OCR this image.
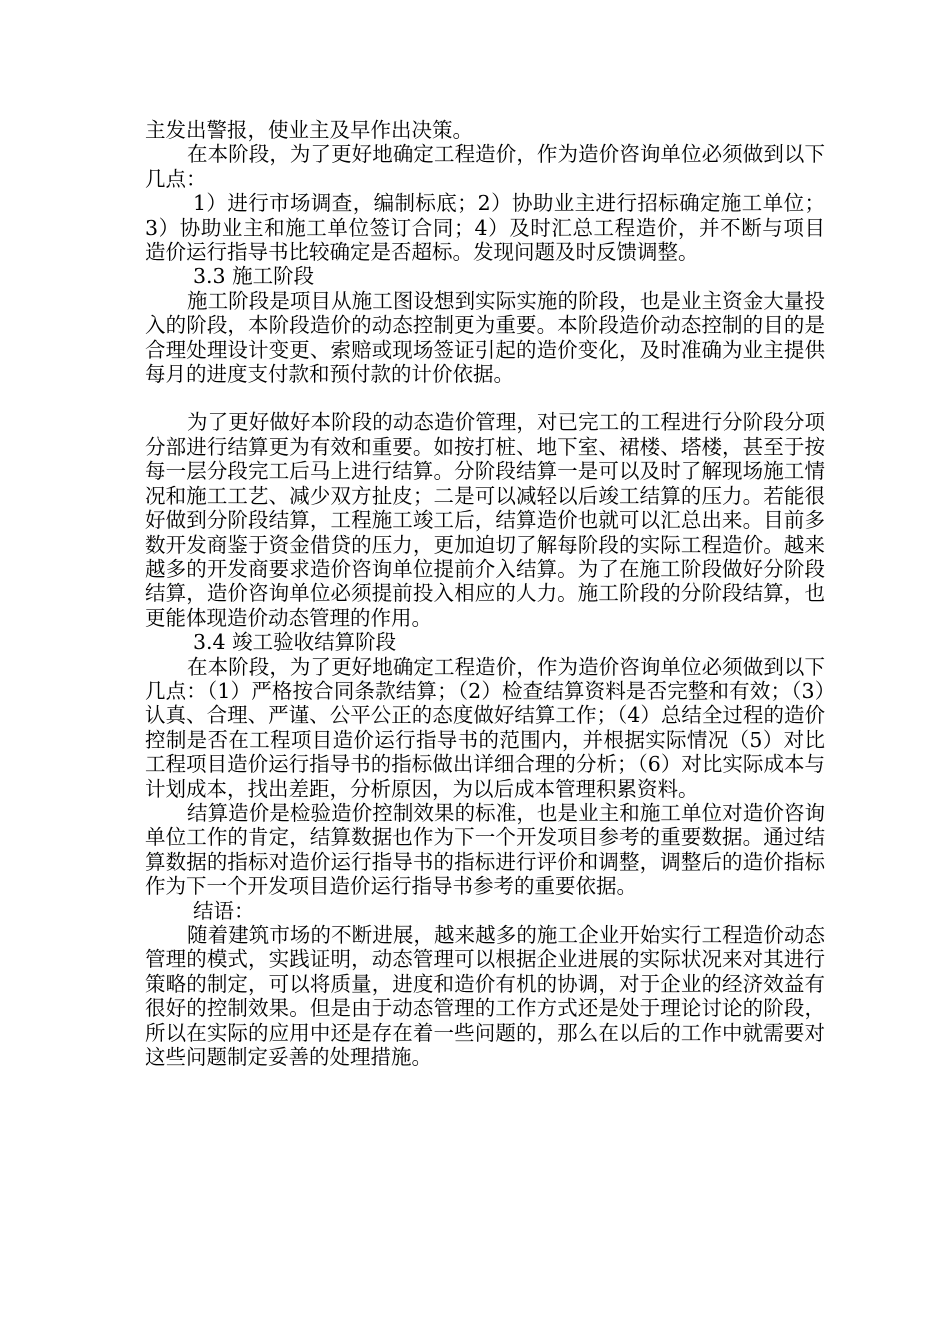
主发出警报，使业主及早作出决策。

在本阶段，为了更好地确定工程造价，作为造价咨询单位必须做到以下几点：

1）进行市场调查，编制标底；2）协助业主进行招标确定施工单位；3）协助业主和施工单位签订合同；4）及时汇总工程造价，并不断与项目造价运行指导书比较确定是否超标。发现问题及时反馈调整。

3.3 施工阶段

施工阶段是项目从施工图设想到实际实施的阶段，也是业主资金大量投入的阶段，本阶段造价的动态控制更为重要。本阶段造价动态控制的目的是合理处理设计变更、索赔或现场签证引起的造价变化，及时准确为业主提供每月的进度支付款和预付款的计价依据。

为了更好做好本阶段的动态造价管理，对已完工的工程进行分阶段分项分部进行结算更为有效和重要。如按打桩、地下室、裙楼、塔楼，甚至于按每一层分段完工后马上进行结算。分阶段结算一是可以及时了解现场施工情况和施工工艺、减少双方扯皮；二是可以减轻以后竣工结算的压力。若能很好做到分阶段结算，工程施工竣工后，结算造价也就可以汇总出来。目前多数开发商鉴于资金借贷的压力，更加迫切了解每阶段的实际工程造价。越来越多的开发商要求造价咨询单位提前介入结算。为了在施工阶段做好分阶段结算，造价咨询单位必须提前投入相应的人力。施工阶段的分阶段结算，也更能体现造价动态管理的作用。

3.4 竣工验收结算阶段

在本阶段，为了更好地确定工程造价，作为造价咨询单位必须做到以下几点：（1）严格按合同条款结算；（2）检查结算资料是否完整和有效；（3）认真、合理、严谨、公平公正的态度做好结算工作；（4）总结全过程的造价控制是否在工程项目造价运行指导书的范围内，并根据实际情况（5）对比工程项目造价运行指导书的指标做出详细合理的分析；（6）对比实际成本与计划成本，找出差距，分析原因，为以后成本管理积累资料。

结算造价是检验造价控制效果的标准，也是业主和施工单位对造价咨询单位工作的肯定，结算数据也作为下一个开发项目参考的重要数据。通过结算数据的指标对造价运行指导书的指标进行评价和调整，调整后的造价指标作为下一个开发项目造价运行指导书参考的重要依据。

结语：

随着建筑市场的不断进展，越来越多的施工企业开始实行工程造价动态管理的模式，实践证明，动态管理可以根据企业进展的实际状况来对其进行策略的制定，可以将质量，进度和造价有机的协调，对于企业的经济效益有很好的控制效果。但是由于动态管理的工作方式还是处于理论讨论的阶段，所以在实际的应用中还是存在着一些问题的，那么在以后的工作中就需要对这些问题制定妥善的处理措施。
